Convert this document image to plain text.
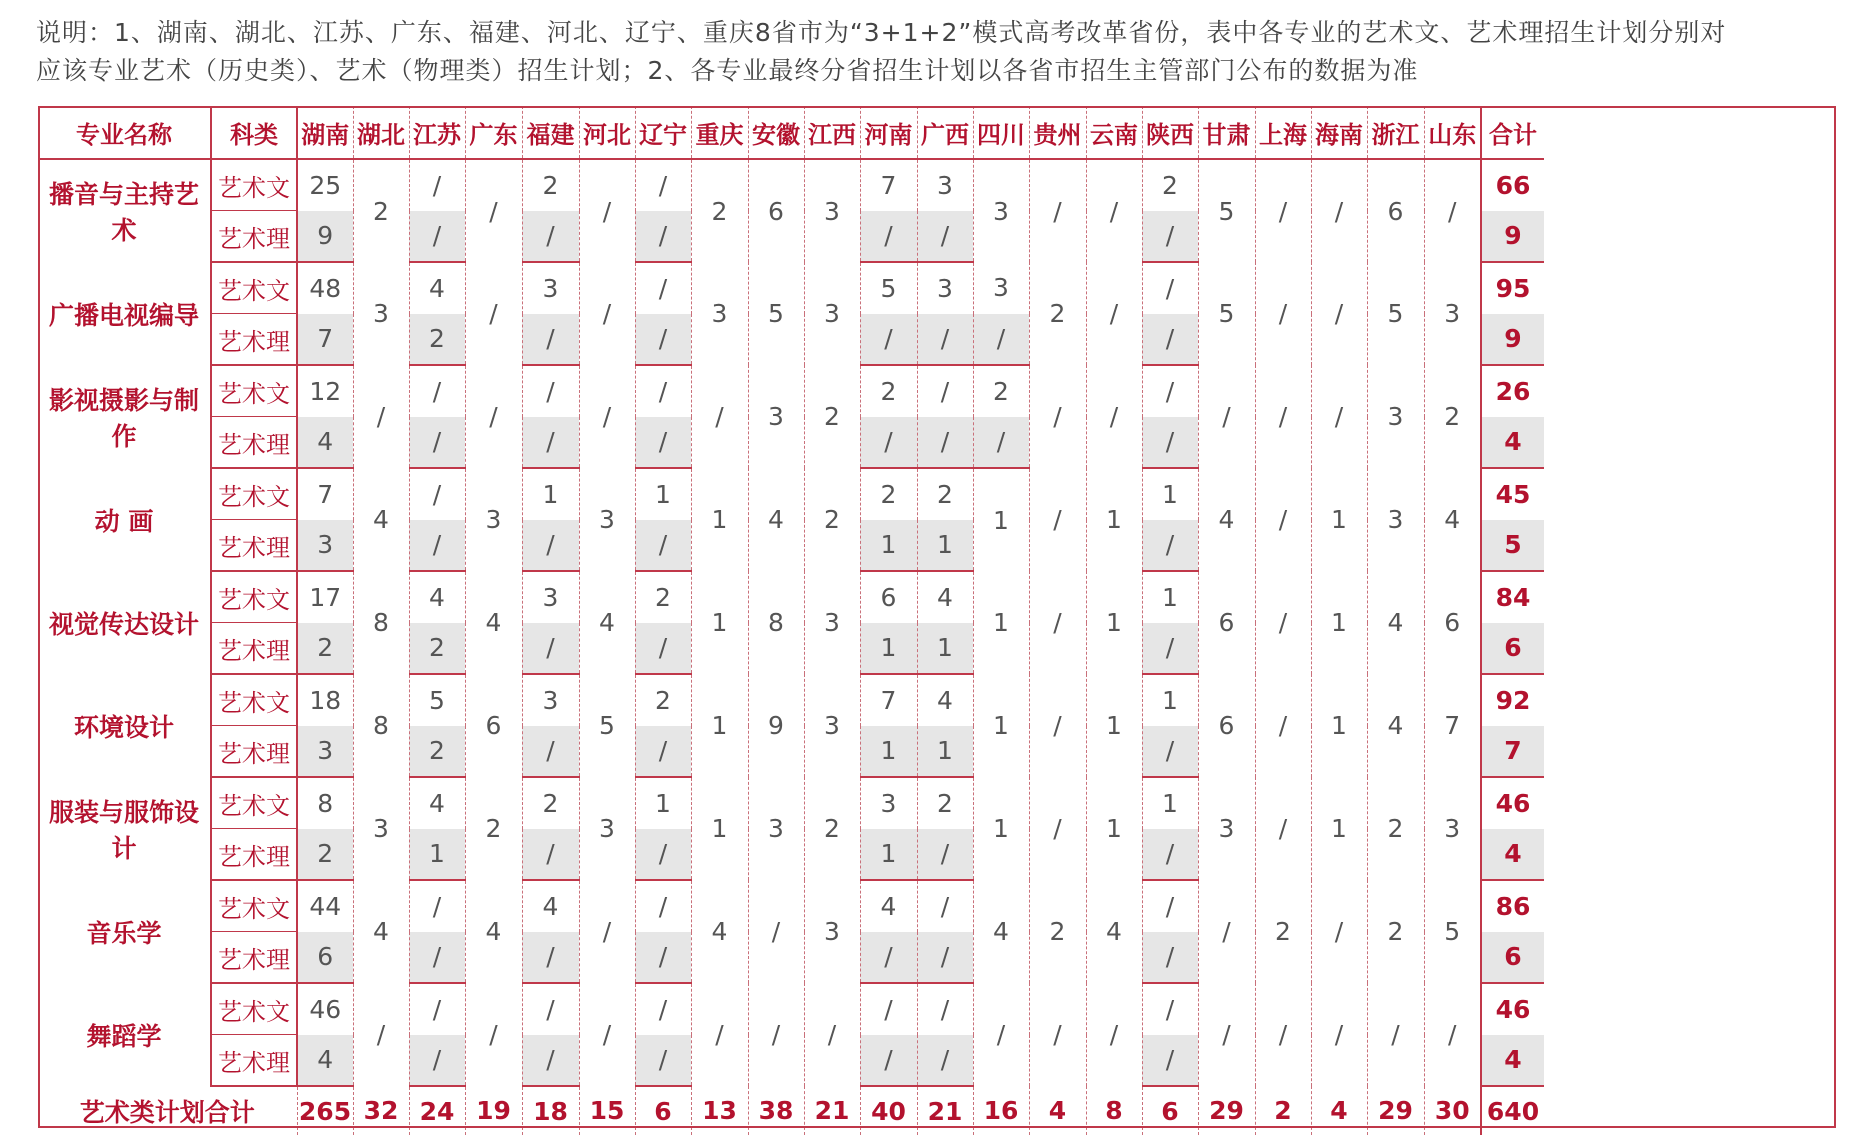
说明：1、湖南、湖北、江苏、广东、福建、河北、辽宁、重庆8省市为“3+1+2”模式高考改革省份，表中各专业的艺术文、艺术理招生计划分别对

应该专业艺术（历史类）、艺术（物理类）招生计划；2、各专业最终分省招生计划以各省市招生主管部门公布的数据为准

专业名称	科类	湖南	湖北	江苏	广东	福建	河北	辽宁	重庆	安徽	江西	河南	广西	四川	贵州	云南	陕西	甘肃	上海	海南	浙江	山东	合计
播音与主持艺术	艺术文	25	2	/	/	2	/	/	2	6	3	7	3	3	/	/	2	5	/	/	6	/	66
	艺术理	9		/		/		/				/	/				/						9
广播电视编导	艺术文	48	3	4	/	3	/	/	3	5	3	5	3	3	2	/	/	5	/	/	5	3	95
	艺术理	7		2		/		/				/	/	/			/						9
影视摄影与制作	艺术文	12	/	/	/	/	/	/	/	3	2	2	/	2	/	/	/	/	/	/	3	2	26
	艺术理	4		/		/		/				/	/	/			/						4
动 画	艺术文	7	4	/	3	1	3	1	1	4	2	2	2	1	/	1	1	4	/	1	3	4	45
	艺术理	3		/		/		/				1	1				/						5
视觉传达设计	艺术文	17	8	4	4	3	4	2	1	8	3	6	4	1	/	1	1	6	/	1	4	6	84
	艺术理	2		2		/		/				1	1				/						6
环境设计	艺术文	18	8	5	6	3	5	2	1	9	3	7	4	1	/	1	1	6	/	1	4	7	92
	艺术理	3		2		/		/				1	1				/						7
服装与服饰设计	艺术文	8	3	4	2	2	3	1	1	3	2	3	2	1	/	1	1	3	/	1	2	3	46
	艺术理	2		1		/		/				1	/				/						4
音乐学	艺术文	44	4	/	4	4	/	/	4	/	3	4	/	4	2	4	/	/	2	/	2	5	86
	艺术理	6		/		/		/				/	/				/						6
舞蹈学	艺术文	46	/	/	/	/	/	/	/	/	/	/	/	/	/	/	/	/	/	/	/	/	46
	艺术理	4		/		/		/				/	/				/						4
艺术类计划合计		265	32	24	19	18	15	6	13	38	21	40	21	16	4	8	6	29	2	4	29	30	640
